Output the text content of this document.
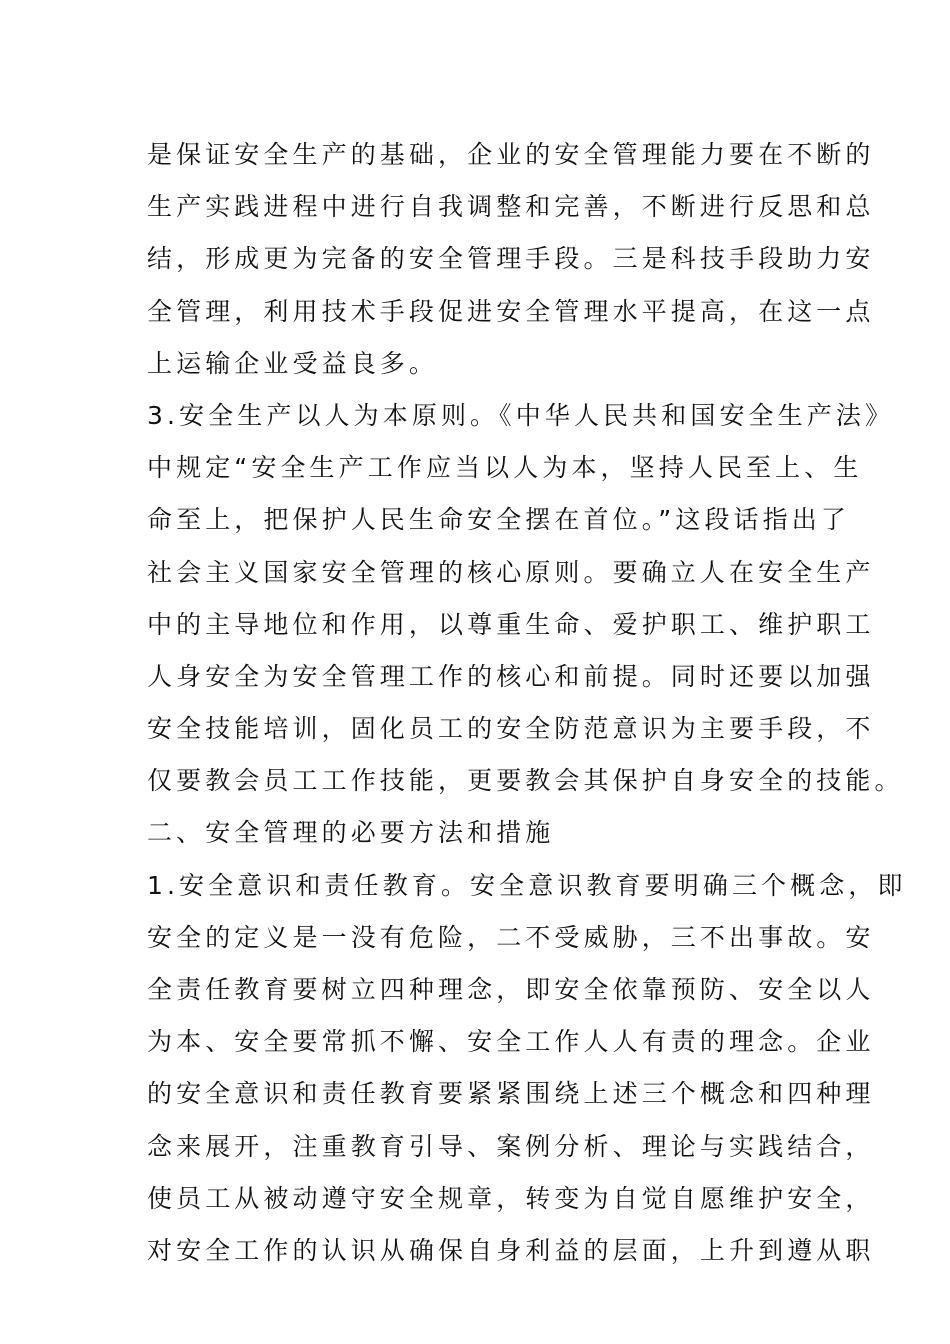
是保证安全生产的基础，企业的安全管理能力要在不断的
生产实践进程中进行自我调整和完善，不断进行反思和总
结，形成更为完备的安全管理手段。三是科技手段助力安
全管理，利用技术手段促进安全管理水平提高，在这一点
上运输企业受益良多。
3.安全生产以人为本原则。《中华人民共和国安全生产法》
中规定“安全生产工作应当以人为本，坚持人民至上、生
命至上，把保护人民生命安全摆在首位。”这段话指出了
社会主义国家安全管理的核心原则。要确立人在安全生产
中的主导地位和作用，以尊重生命、爱护职工、维护职工
人身安全为安全管理工作的核心和前提。同时还要以加强
安全技能培训，固化员工的安全防范意识为主要手段，不
仅要教会员工工作技能，更要教会其保护自身安全的技能。
二、安全管理的必要方法和措施
1.安全意识和责任教育。安全意识教育要明确三个概念，即
安全的定义是一没有危险，二不受威胁，三不出事故。安
全责任教育要树立四种理念，即安全依靠预防、安全以人
为本、安全要常抓不懈、安全工作人人有责的理念。企业
的安全意识和责任教育要紧紧围绕上述三个概念和四种理
念来展开，注重教育引导、案例分析、理论与实践结合，
使员工从被动遵守安全规章，转变为自觉自愿维护安全，
对安全工作的认识从确保自身利益的层面，上升到遵从职
